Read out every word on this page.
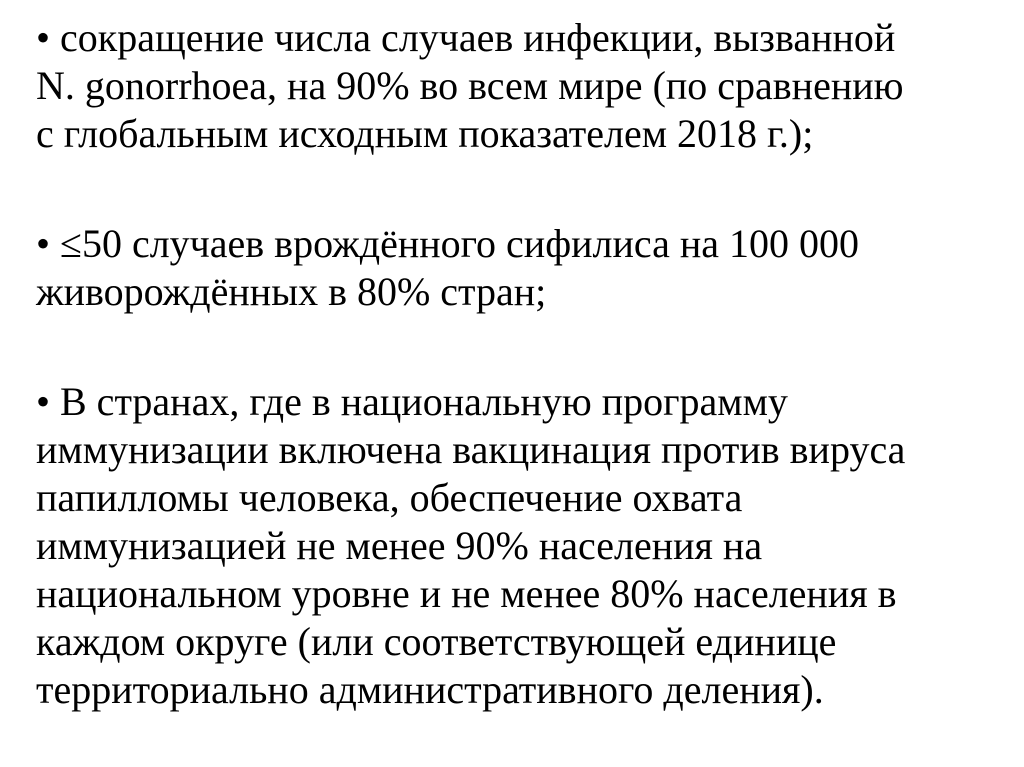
• сокращение числа случаев инфекции, вызванной
N. gonorrhoea, на 90% во всем мире (по сравнению
с глобальным исходным показателем 2018 г.);
• ≤50 случаев врождённого сифилиса на 100 000
живорождённых в 80% стран;
• В странах, где в национальную программу
иммунизации включена вакцинация против вируса
папилломы человека, обеспечение охвата
иммунизацией не менее 90% населения на
национальном уровне и не менее 80% населения в
каждом округе (или соответствующей единице
территориально административного деления).
